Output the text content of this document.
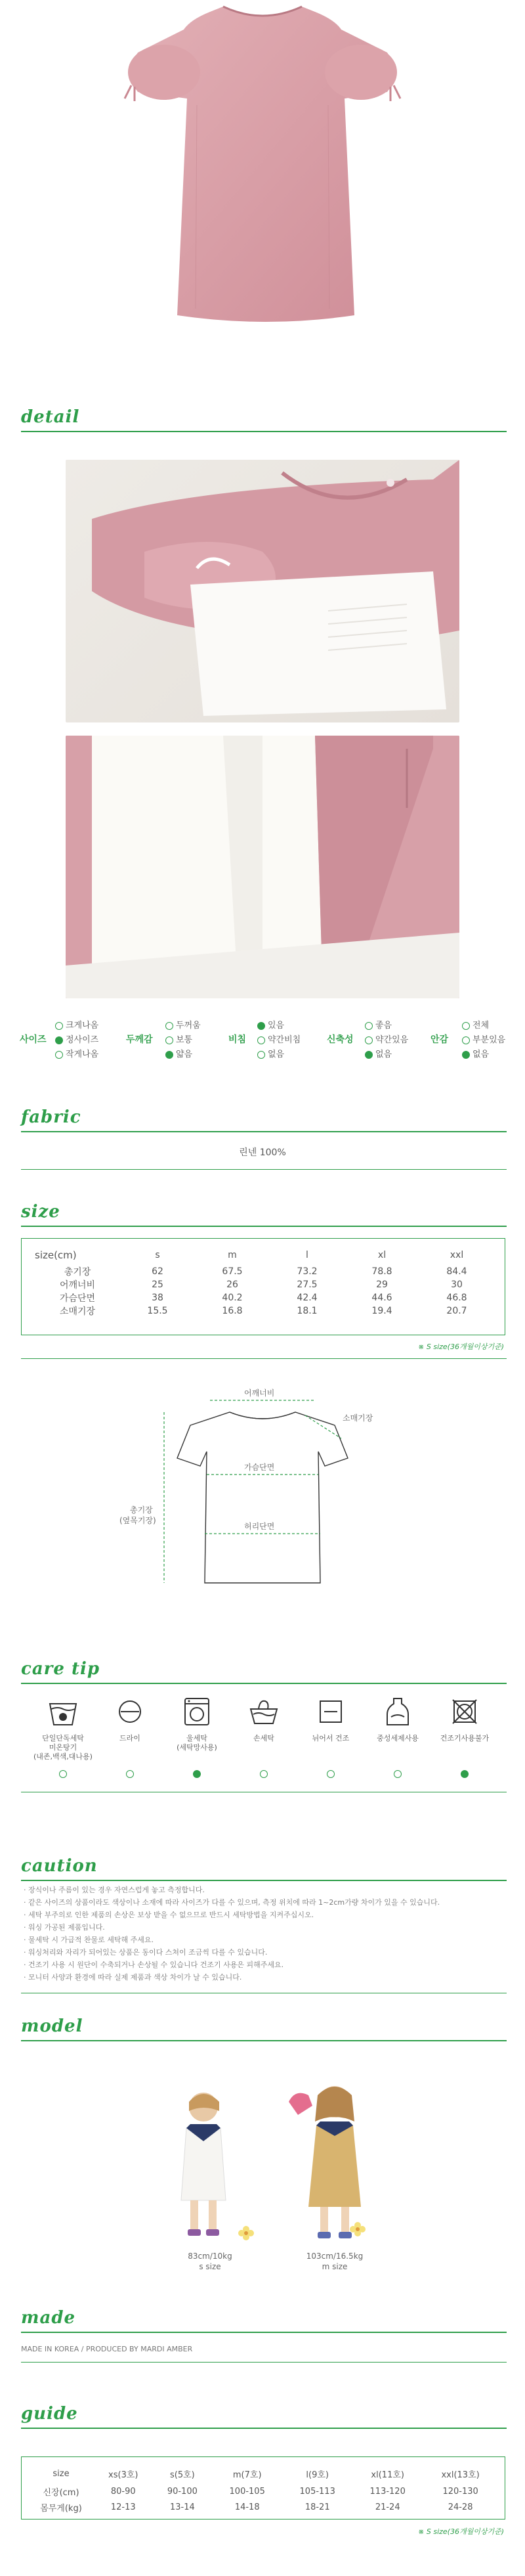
detail
사이즈
크게나옴
정사이즈
작게나옴
두께감
두꺼움
보통
얇음
비침
있음
약간비침
없음
신축성
좋음
약간있음
없음
안감
전체
부분있음
없음
fabric
린넨 100%
size
size(cm)	s	m	l	xl	xxl
총기장	62	67.5	73.2	78.8	84.4
어깨너비	25	26	27.5	29	30
가슴단면	38	40.2	42.4	44.6	46.8
소매기장	15.5	16.8	18.1	19.4	20.7
※ S size(36개월이상기준)
어깨너비
소매기장
가슴단면
허리단면
총기장
(옆목기장)
care tip
단일단독세탁
미온탕기
(내존,백색,대나용)
드라이	울세탁
(세탁망사용)
손세탁	뉘어서 건조	중성세제사용	건조기사용불가
caution
· 장식이나 주름이 있는 경우 자연스럽게 놓고 측정합니다.
· 같은 사이즈의 상품이라도 색상이나 소재에 따라 사이즈가 다를 수 있으며, 측정 위치에 따라 1~2cm가량 차이가 있을 수 있습니다.
· 세탁 부주의로 인한 제품의 손상은 보상 받을 수 없으므로 반드시 세탁방법을 지켜주십시오.
· 워싱 가공된 제품입니다.
· 물세탁 시 가급적 찬물로 세탁해 주세요.
· 워싱처리와 자리가 되어있는 상품은 동이다 스쳐이 조금씩 다를 수 있습니다.
· 건조기 사용 시 원단이 수축되거나 손상될 수 있습니다 건조기 사용은 피해주세요.
· 모니터 사양과 환경에 따라 실제 제품과 색상 차이가 날 수 있습니다.
model
83cm/10kg
s size
103cm/16.5kg
m size
made
MADE IN KOREA / PRODUCED BY MARDI AMBER
guide
size	xs(3호)	s(5호)	m(7호)	l(9호)	xl(11호)	xxl(13호)
신장(cm)	80-90	90-100	100-105	105-113	113-120	120-130
몸무게(kg)	12-13	13-14	14-18	18-21	21-24	24-28
※ S size(36개월이상기준)
